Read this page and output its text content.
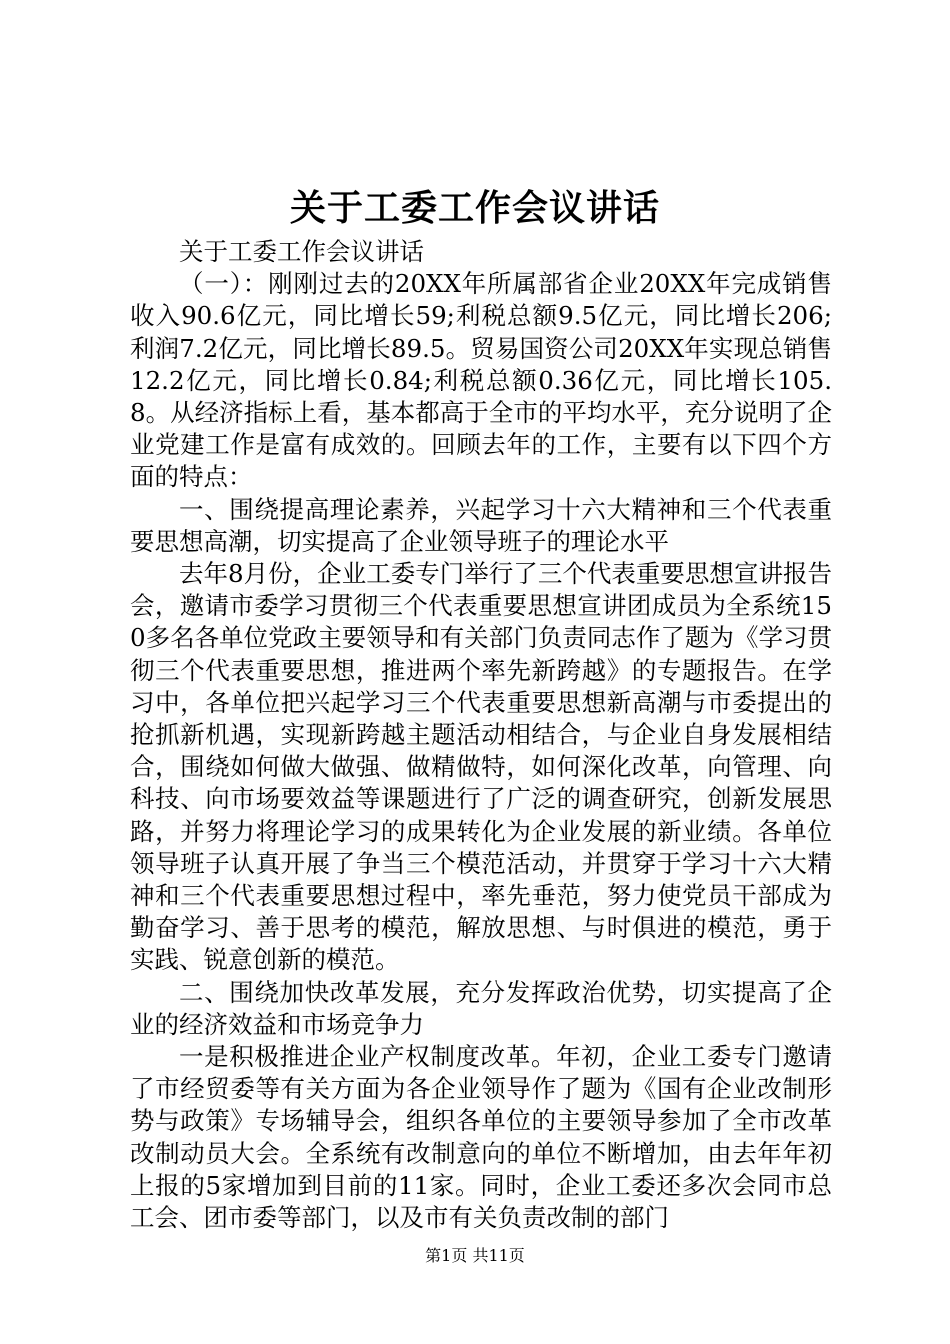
关于工委工作会议讲话

关于工委工作会议讲话

（一）：刚刚过去的20XX年所属部省企业20XX年完成销售收入90.6亿元，同比增长59;利税总额9.5亿元，同比增长206;利润7.2亿元，同比增长89.5。贸易国资公司20XX年实现总销售12.2亿元，同比增长0.84;利税总额0.36亿元，同比增长105.8。从经济指标上看，基本都高于全市的平均水平，充分说明了企业党建工作是富有成效的。回顾去年的工作，主要有以下四个方面的特点：

一、围绕提高理论素养，兴起学习十六大精神和三个代表重要思想高潮，切实提高了企业领导班子的理论水平

去年8月份，企业工委专门举行了三个代表重要思想宣讲报告会，邀请市委学习贯彻三个代表重要思想宣讲团成员为全系统150多名各单位党政主要领导和有关部门负责同志作了题为《学习贯彻三个代表重要思想，推进两个率先新跨越》的专题报告。在学习中，各单位把兴起学习三个代表重要思想新高潮与市委提出的抢抓新机遇，实现新跨越主题活动相结合，与企业自身发展相结合，围绕如何做大做强、做精做特，如何深化改革，向管理、向科技、向市场要效益等课题进行了广泛的调查研究，创新发展思路，并努力将理论学习的成果转化为企业发展的新业绩。各单位领导班子认真开展了争当三个模范活动，并贯穿于学习十六大精神和三个代表重要思想过程中，率先垂范，努力使党员干部成为勤奋学习、善于思考的模范，解放思想、与时俱进的模范，勇于实践、锐意创新的模范。

二、围绕加快改革发展，充分发挥政治优势，切实提高了企业的经济效益和市场竞争力

一是积极推进企业产权制度改革。年初，企业工委专门邀请了市经贸委等有关方面为各企业领导作了题为《国有企业改制形势与政策》专场辅导会，组织各单位的主要领导参加了全市改革改制动员大会。全系统有改制意向的单位不断增加，由去年年初上报的5家增加到目前的11家。同时，企业工委还多次会同市总工会、团市委等部门，以及市有关负责改制的部门

第1页 共11页
